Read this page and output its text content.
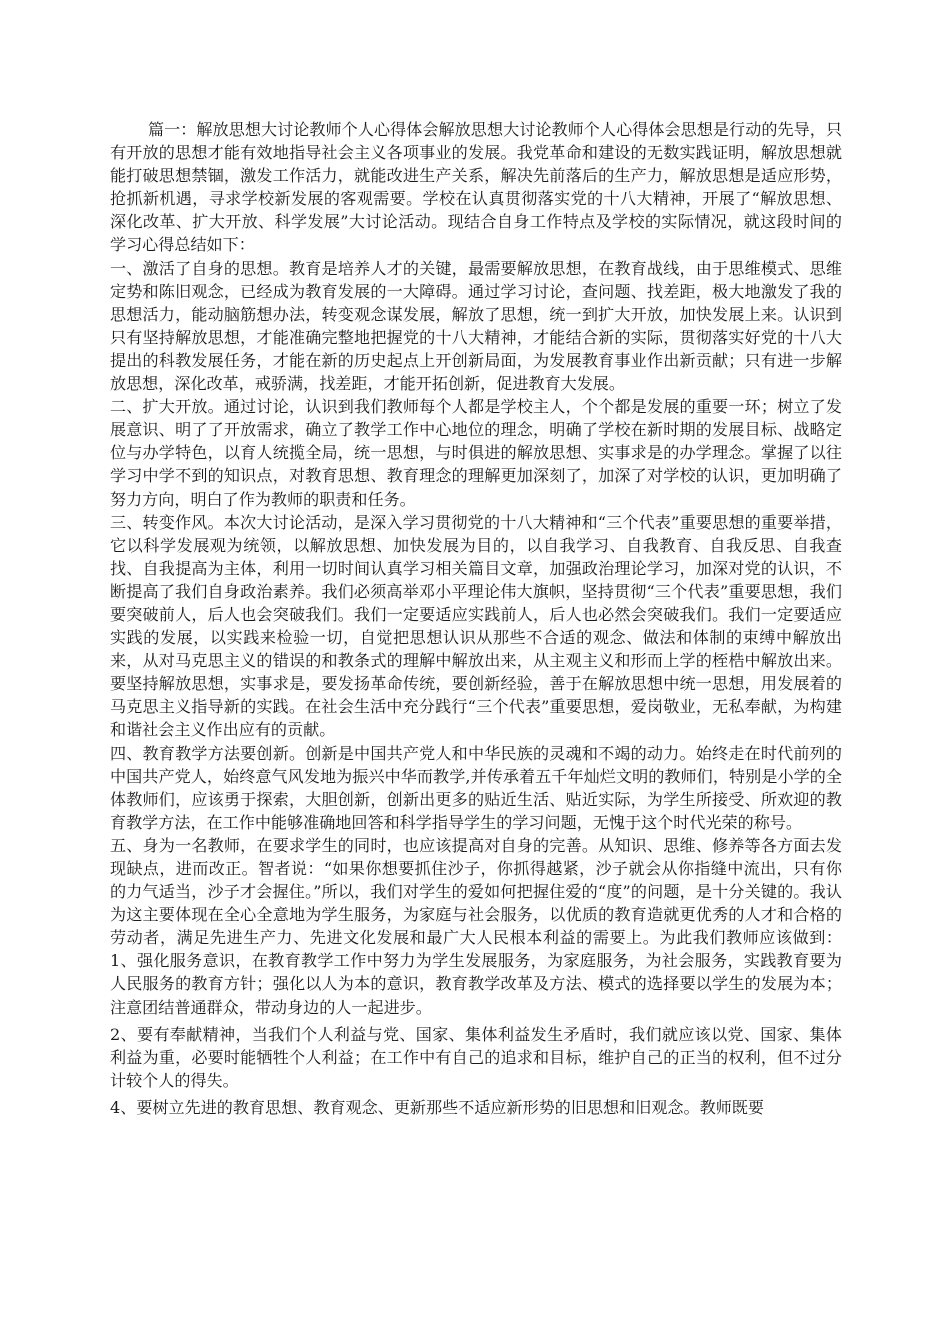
篇一：解放思想大讨论教师个人心得体会解放思想大讨论教师个人心得体会思想是行动的先导，只有开放的思想才能有效地指导社会主义各项事业的发展。我党革命和建设的无数实践证明，解放思想就能打破思想禁锢，激发工作活力，就能改进生产关系，解决先前落后的生产力，解放思想是适应形势，抢抓新机遇，寻求学校新发展的客观需要。学校在认真贯彻落实党的十八大精神，开展了“解放思想、深化改革、扩大开放、科学发展”大讨论活动。现结合自身工作特点及学校的实际情况，就这段时间的学习心得总结如下：

一、激活了自身的思想。教育是培养人才的关键，最需要解放思想，在教育战线，由于思维模式、思维定势和陈旧观念，已经成为教育发展的一大障碍。通过学习讨论，查问题、找差距，极大地激发了我的思想活力，能动脑筋想办法，转变观念谋发展，解放了思想，统一到扩大开放，加快发展上来。认识到只有坚持解放思想，才能准确完整地把握党的十八大精神，才能结合新的实际，贯彻落实好党的十八大提出的科教发展任务，才能在新的历史起点上开创新局面，为发展教育事业作出新贡献；只有进一步解放思想，深化改革，戒骄满，找差距，才能开拓创新，促进教育大发展。

二、扩大开放。通过讨论，认识到我们教师每个人都是学校主人，个个都是发展的重要一环；树立了发展意识、明了了开放需求，确立了教学工作中心地位的理念，明确了学校在新时期的发展目标、战略定位与办学特色，以育人统揽全局，统一思想，与时俱进的解放思想、实事求是的办学理念。掌握了以往学习中学不到的知识点，对教育思想、教育理念的理解更加深刻了，加深了对学校的认识，更加明确了努力方向，明白了作为教师的职责和任务。

三、转变作风。本次大讨论活动，是深入学习贯彻党的十八大精神和“三个代表”重要思想的重要举措，它以科学发展观为统领，以解放思想、加快发展为目的，以自我学习、自我教育、自我反思、自我查找、自我提高为主体，利用一切时间认真学习相关篇目文章，加强政治理论学习，加深对党的认识，不断提高了我们自身政治素养。我们必须高举邓小平理论伟大旗帜，坚持贯彻“三个代表”重要思想，我们要突破前人，后人也会突破我们。我们一定要适应实践前人，后人也必然会突破我们。我们一定要适应实践的发展，以实践来检验一切，自觉把思想认识从那些不合适的观念、做法和体制的束缚中解放出来，从对马克思主义的错误的和教条式的理解中解放出来，从主观主义和形而上学的桎梏中解放出来。要坚持解放思想，实事求是，要发扬革命传统，要创新经验，善于在解放思想中统一思想，用发展着的马克思主义指导新的实践。在社会生活中充分践行“三个代表”重要思想，爱岗敬业，无私奉献，为构建和谐社会主义作出应有的贡献。

四、教育教学方法要创新。创新是中国共产党人和中华民族的灵魂和不竭的动力。始终走在时代前列的中国共产党人，始终意气风发地为振兴中华而教学,并传承着五千年灿烂文明的教师们，特别是小学的全体教师们，应该勇于探索，大胆创新，创新出更多的贴近生活、贴近实际，为学生所接受、所欢迎的教育教学方法，在工作中能够准确地回答和科学指导学生的学习问题，无愧于这个时代光荣的称号。

五、身为一名教师，在要求学生的同时，也应该提高对自身的完善。从知识、思维、修养等各方面去发现缺点，进而改正。智者说：“如果你想要抓住沙子，你抓得越紧，沙子就会从你指缝中流出，只有你的力气适当，沙子才会握住。”所以，我们对学生的爱如何把握住爱的“度”的问题，是十分关键的。我认为这主要体现在全心全意地为学生服务，为家庭与社会服务，以优质的教育造就更优秀的人才和合格的劳动者，满足先进生产力、先进文化发展和最广大人民根本利益的需要上。为此我们教师应该做到：1、强化服务意识，在教育教学工作中努力为学生发展服务，为家庭服务，为社会服务，实践教育要为人民服务的教育方针；强化以人为本的意识，教育教学改革及方法、模式的选择要以学生的发展为本；注意团结普通群众，带动身边的人一起进步。

2、要有奉献精神，当我们个人利益与党、国家、集体利益发生矛盾时，我们就应该以党、国家、集体利益为重，必要时能牺牲个人利益；在工作中有自己的追求和目标，维护自己的正当的权利，但不过分计较个人的得失。

4、要树立先进的教育思想、教育观念、更新那些不适应新形势的旧思想和旧观念。教师既要
